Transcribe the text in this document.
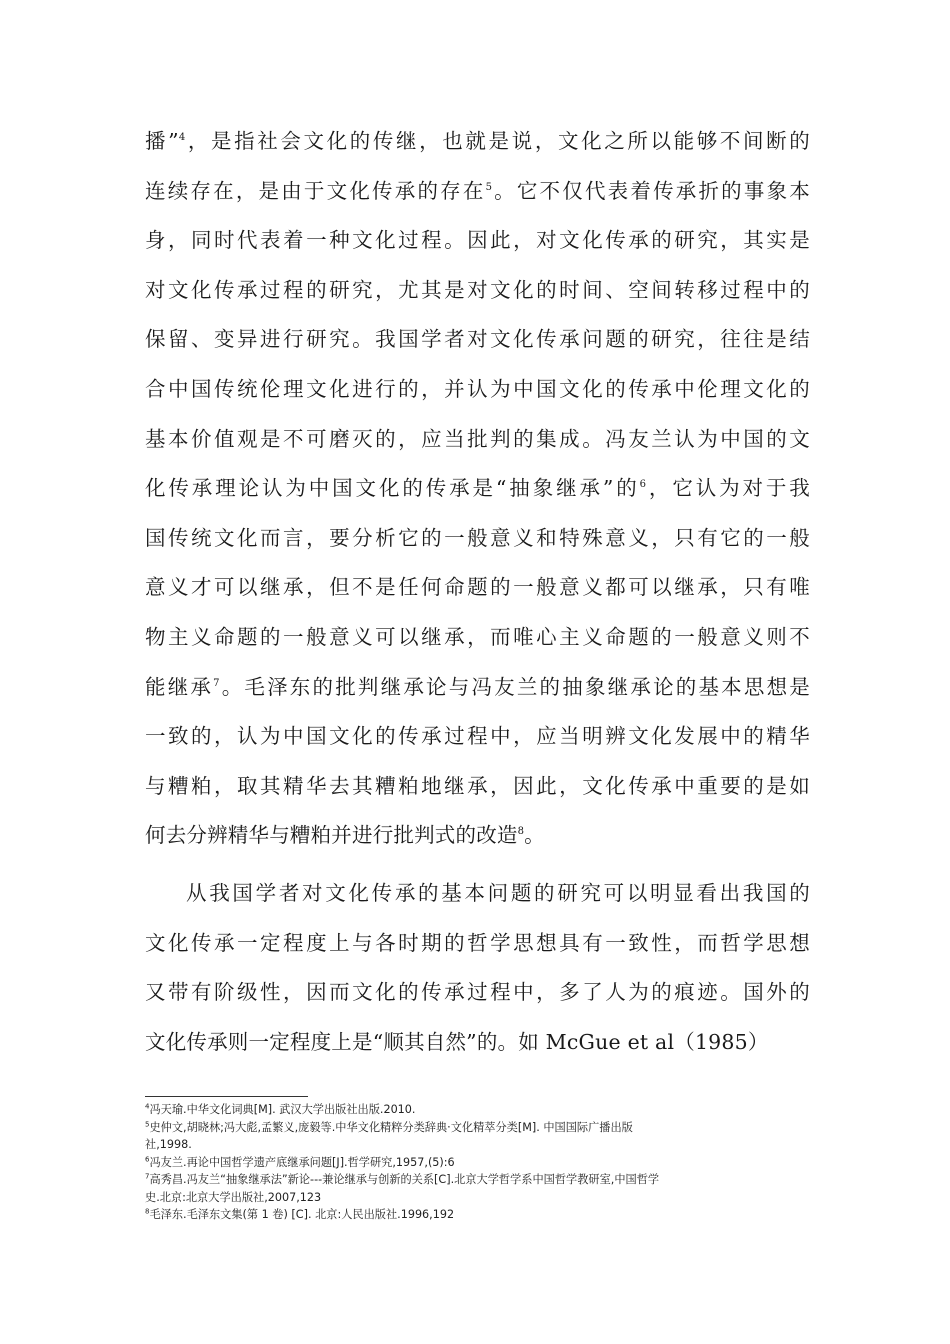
播”$^4$，是指社会文化的传继，也就是说，文化之所以能够不间断的
连续存在，是由于文化传承的存在$^5$。它不仅代表着传承折的事象本
身，同时代表着一种文化过程。因此，对文化传承的研究，其实是
对文化传承过程的研究，尤其是对文化的时间、空间转移过程中的
保留、变异进行研究。我国学者对文化传承问题的研究，往往是结
合中国传统伦理文化进行的，并认为中国文化的传承中伦理文化的
基本价值观是不可磨灭的，应当批判的集成。冯友兰认为中国的文
化传承理论认为中国文化的传承是“抽象继承”的$^6$，它认为对于我
国传统文化而言，要分析它的一般意义和特殊意义，只有它的一般
意义才可以继承，但不是任何命题的一般意义都可以继承，只有唯
物主义命题的一般意义可以继承，而唯心主义命题的一般意义则不
能继承$^7$。毛泽东的批判继承论与冯友兰的抽象继承论的基本思想是
一致的，认为中国文化的传承过程中，应当明辨文化发展中的精华
与糟粕，取其精华去其糟粕地继承，因此，文化传承中重要的是如
何去分辨精华与糟粕并进行批判式的改造$^8$。
从我国学者对文化传承的基本问题的研究可以明显看出我国的
文化传承一定程度上与各时期的哲学思想具有一致性，而哲学思想
又带有阶级性，因而文化的传承过程中，多了人为的痕迹。国外的
文化传承则一定程度上是“顺其自然”的。如 McGue et al（1985）
$^4$冯天瑜.中华文化词典[M]. 武汉大学出版社出版.2010.
$^5$史仲文,胡晓林;冯大彪,孟繁义,庞毅等.中华文化精粹分类辞典·文化精萃分类[M]. 中国国际广播出版
社,1998.
$^6$冯友兰.再论中国哲学遗产底继承问题[J].哲学研究,1957,(5):6
$^7$高秀昌.冯友兰“抽象继承法”新论---兼论继承与创新的关系[C].北京大学哲学系中国哲学教研室,中国哲学
史.北京:北京大学出版社,2007,123
$^8$毛泽东.毛泽东文集(第 1 卷) [C]. 北京:人民出版社.1996,192
